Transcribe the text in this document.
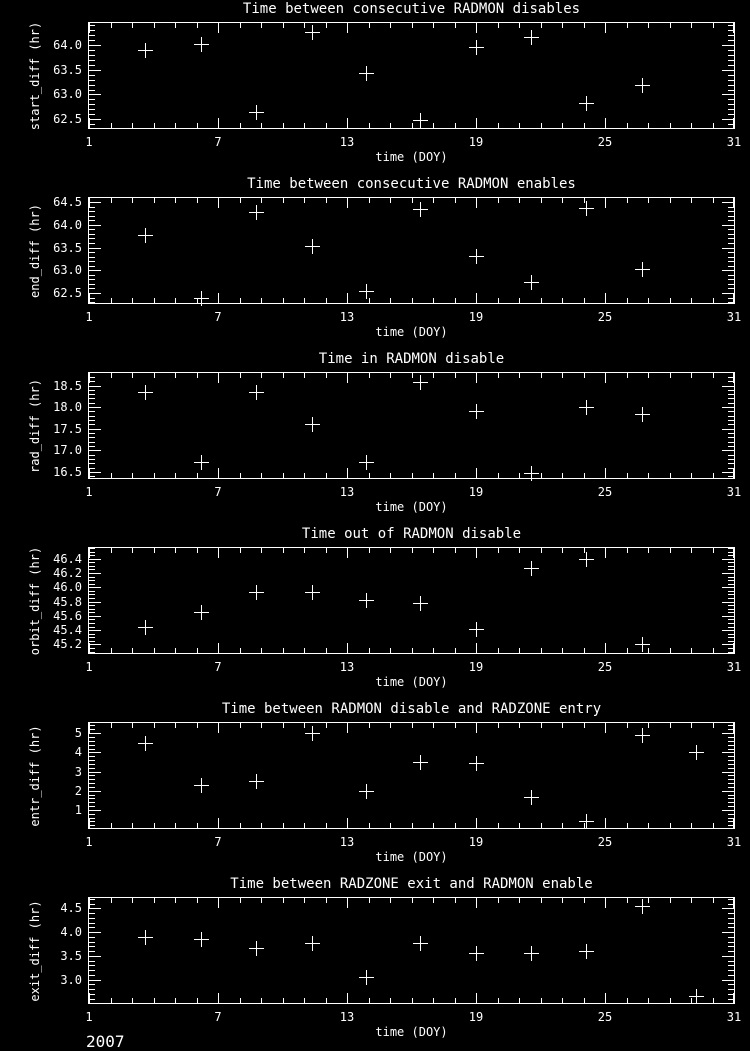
Time between consecutive RADMON disables
start_diff (hr)
time (DOY)
1	7	13	19	25	31
62.5
63.0
63.5
64.0
Time between consecutive RADMON enables
end_diff (hr)
time (DOY)
1	7	13	19	25	31
62.5
63.0
63.5
64.0
64.5
Time in RADMON disable
rad_diff (hr)
time (DOY)
1	7	13	19	25	31
16.5
17.0
17.5
18.0
18.5
Time out of RADMON disable
orbit_diff (hr)
time (DOY)
1	7	13	19	25	31
45.2
45.4
45.6
45.8
46.0
46.2
46.4
Time between RADMON disable and RADZONE entry
entr_diff (hr)
time (DOY)
1	7	13	19	25	31
1
2
3
4
5
Time between RADZONE exit and RADMON enable
exit_diff (hr)
time (DOY)
1	7	13	19	25	31
3.0
3.5
4.0
4.5
2007
